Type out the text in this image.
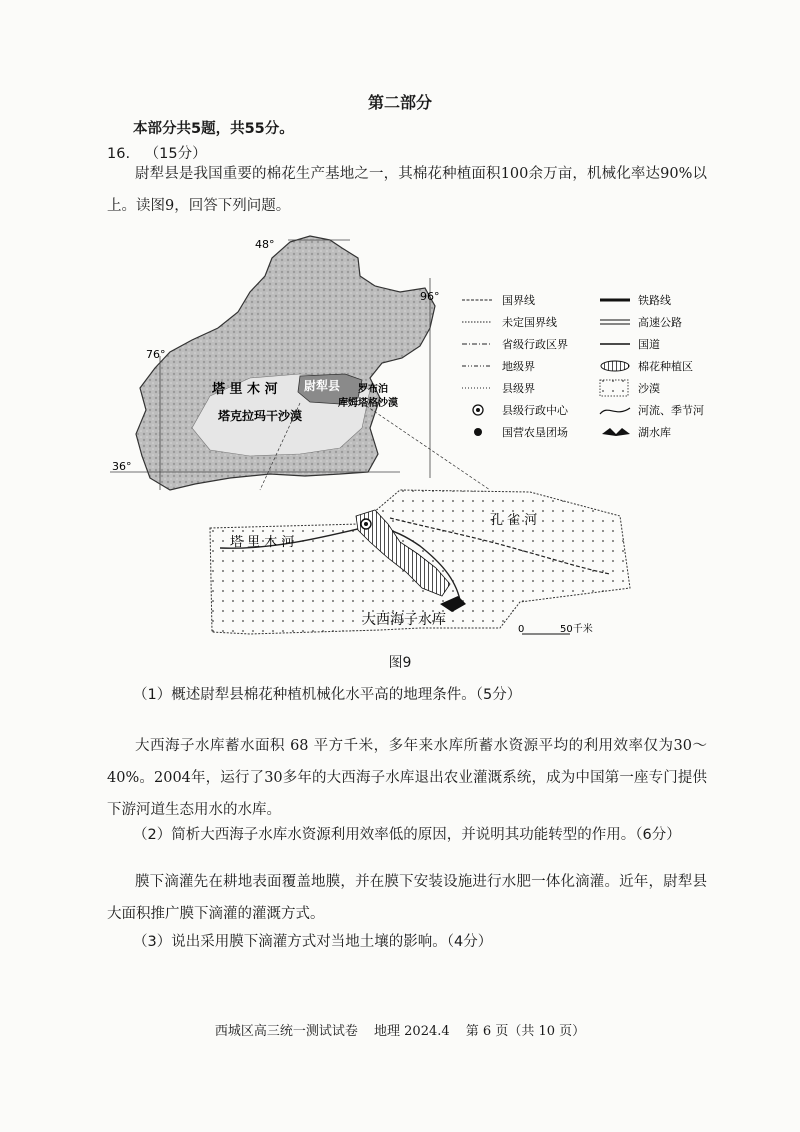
第二部分
本部分共5题，共55分。
16. （15分）
尉犁县是我国重要的棉花生产基地之一，其棉花种植面积100余万亩，机械化率达90%以上。读图9，回答下列问题。
48°
96°
76°
36°
塔 里 木 河 尉犁县 罗布泊
库姆塔格沙漠
塔克拉玛干沙漠
塔 里 木 河
孔 雀 河
大西海子水库
0	50千米
国界线	铁路线
未定国界线	高速公路
省级行政区界	国道
地级界	棉花种植区
县级界	沙漠
县级行政中心	河流、季节河
国营农垦团场	湖水库
图9
（1）概述尉犁县棉花种植机械化水平高的地理条件。（5分）
大西海子水库蓄水面积 68 平方千米，多年来水库所蓄水资源平均的利用效率仅为30～40%。2004年，运行了30多年的大西海子水库退出农业灌溉系统，成为中国第一座专门提供下游河道生态用水的水库。
（2）简析大西海子水库水资源利用效率低的原因，并说明其功能转型的作用。（6分）
膜下滴灌先在耕地表面覆盖地膜，并在膜下安装设施进行水肥一体化滴灌。近年，尉犁县大面积推广膜下滴灌的灌溉方式。
（3）说出采用膜下滴灌方式对当地土壤的影响。（4分）
西城区高三统一测试试卷 地理 2024.4 第 6 页（共 10 页）
